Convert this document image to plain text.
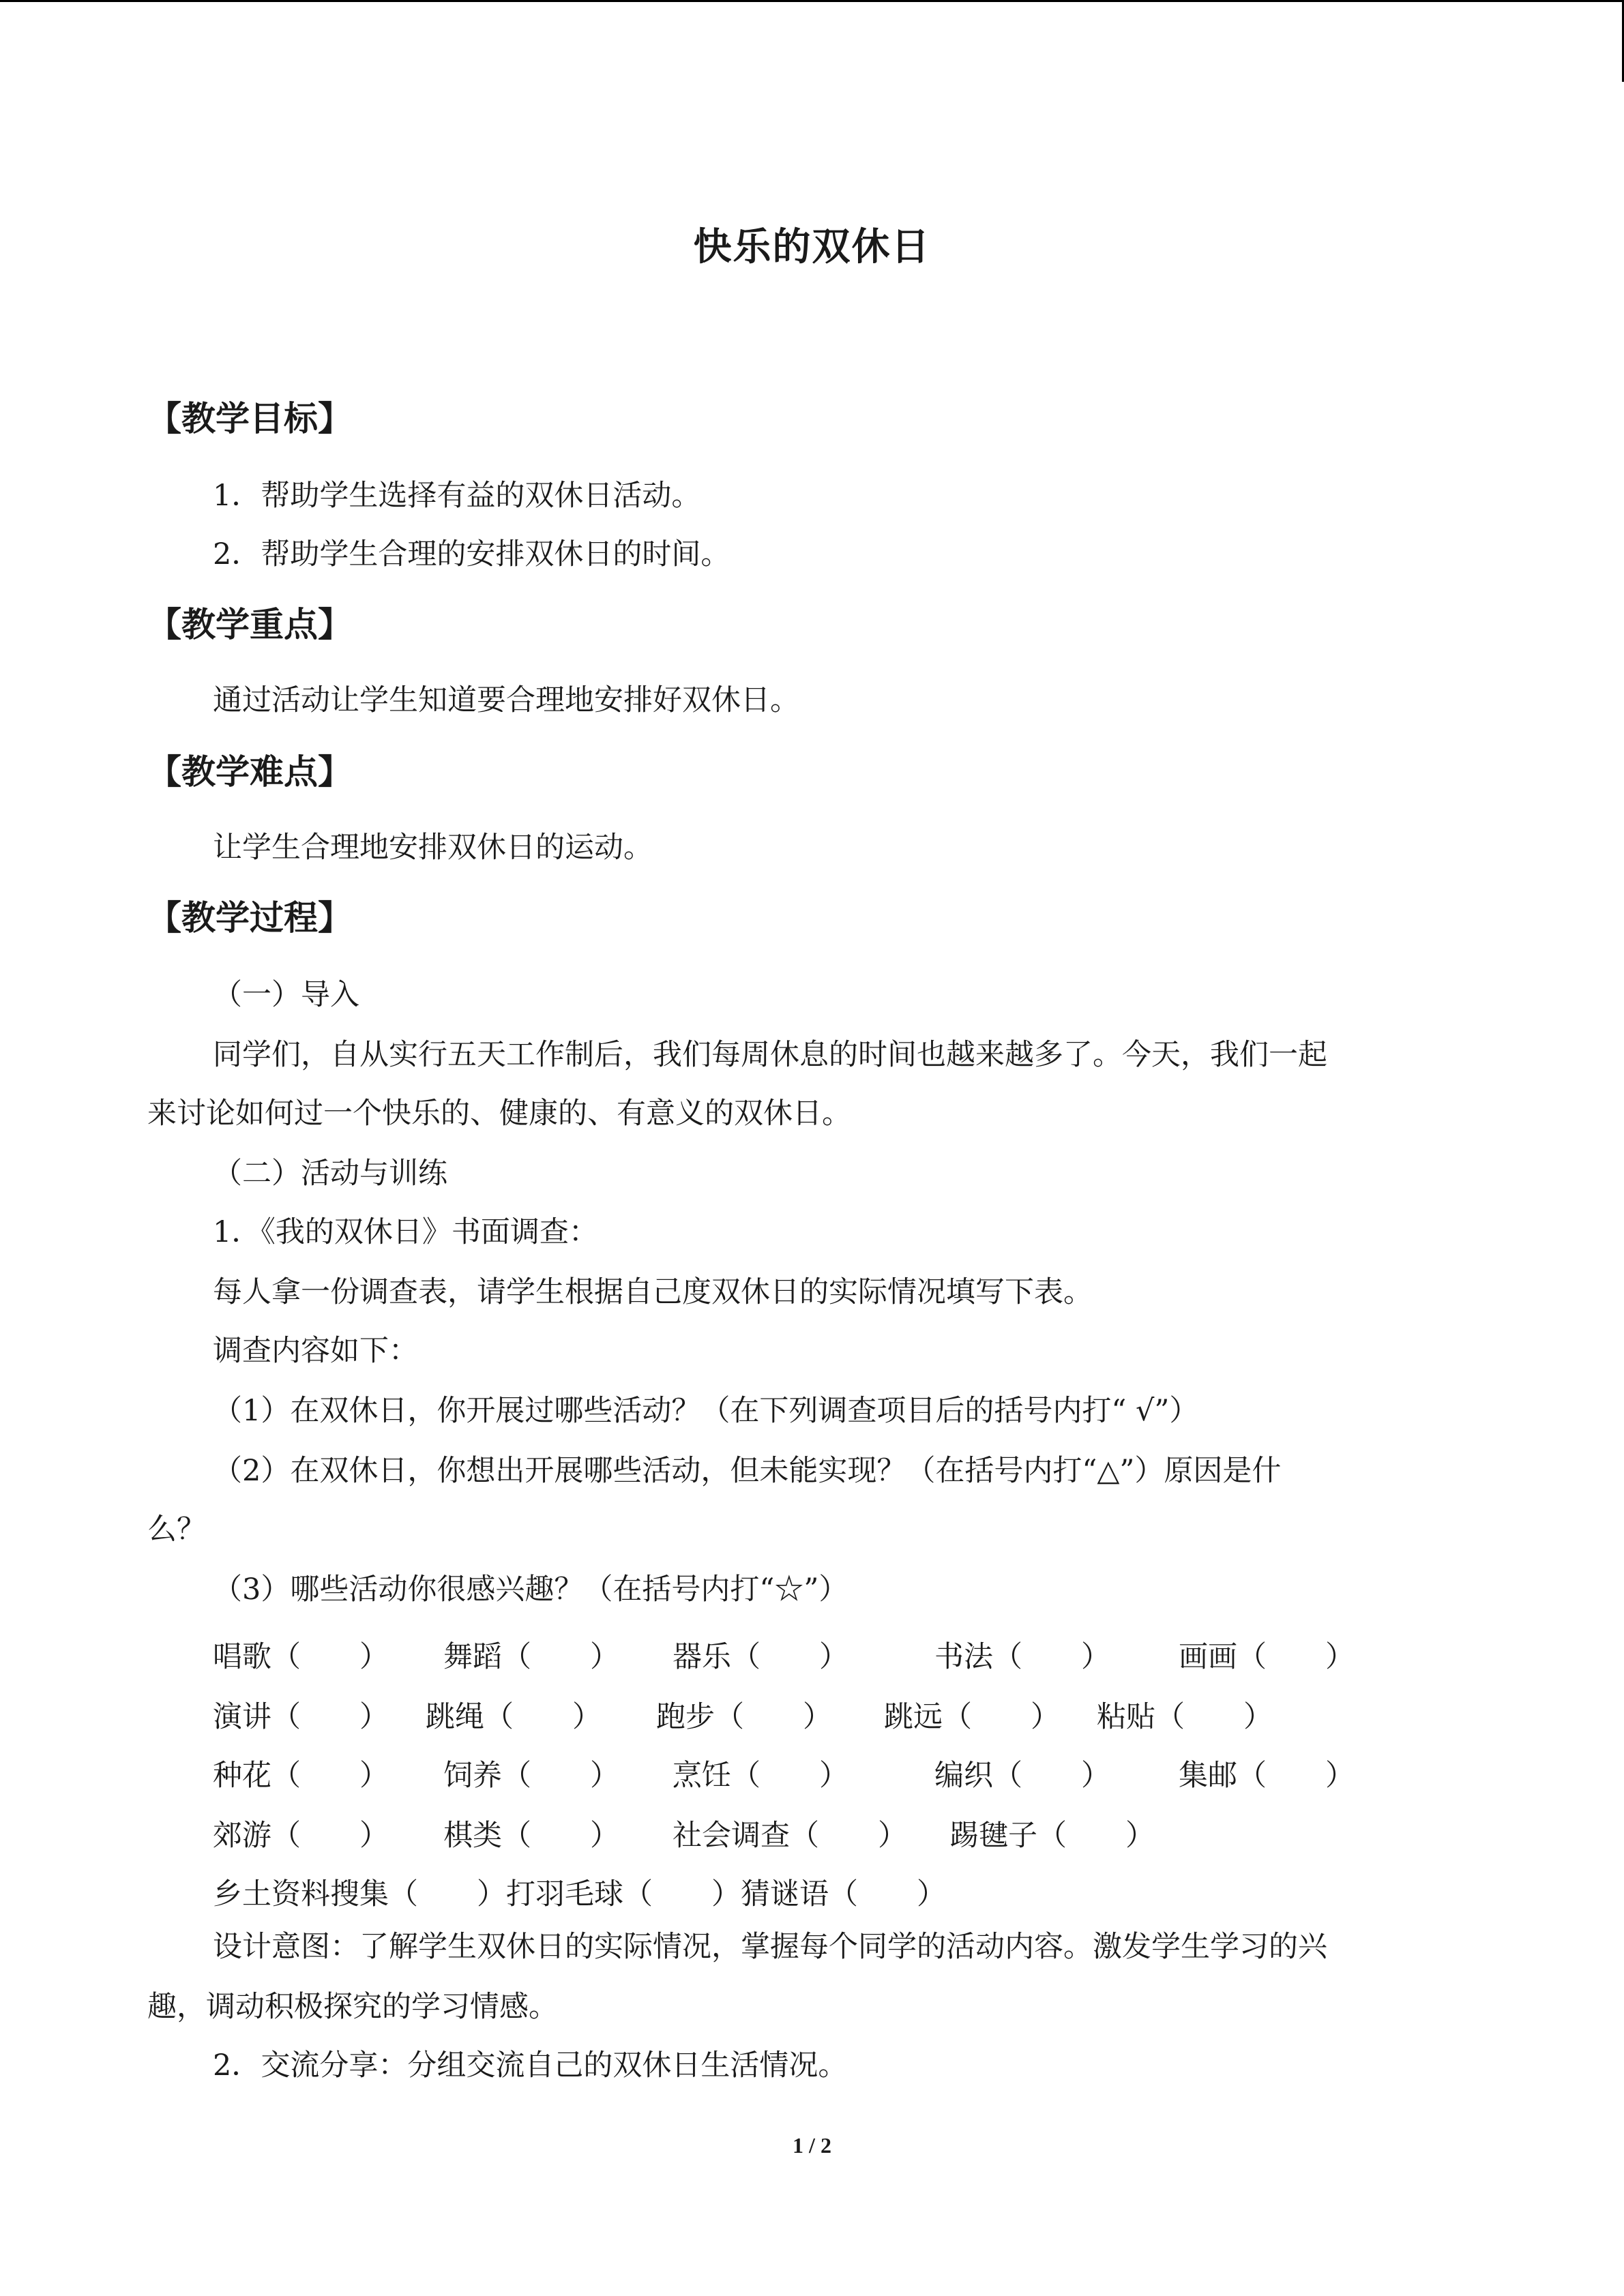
快乐的双休日
【教学目标】
1．帮助学生选择有益的双休日活动。
2．帮助学生合理的安排双休日的时间。
【教学重点】
通过活动让学生知道要合理地安排好双休日。
【教学难点】
让学生合理地安排双休日的运动。
【教学过程】
（一）导入
同学们，自从实行五天工作制后，我们每周休息的时间也越来越多了。今天，我们一起
来讨论如何过一个快乐的、健康的、有意义的双休日。
（二）活动与训练
1．《我的双休日》书面调查：
每人拿一份调查表，请学生根据自己度双休日的实际情况填写下表。
调查内容如下：
（1）在双休日，你开展过哪些活动？（在下列调查项目后的括号内打“ √”）
（2）在双休日，你想出开展哪些活动，但未能实现？（在括号内打“△”）原因是什
么？
（3）哪些活动你很感兴趣？（在括号内打“☆”）
唱歌（　　） 舞蹈（　　） 器乐（　　）	书法（　　） 画画（　　）
演讲（　　） 跳绳（　　） 跑步（　　） 跳远（　　） 粘贴（　　）
种花（　　） 饲养（　　） 烹饪（　　）	编织（　　） 集邮（　　）
郊游（　　） 棋类（　　） 社会调查（　　） 踢毽子（　　）
乡土资料搜集（　　）打羽毛球（　　）猜谜语（　　）
设计意图：了解学生双休日的实际情况，掌握每个同学的活动内容。激发学生学习的兴
趣，调动积极探究的学习情感。
2．交流分享：分组交流自己的双休日生活情况。
1 / 2
